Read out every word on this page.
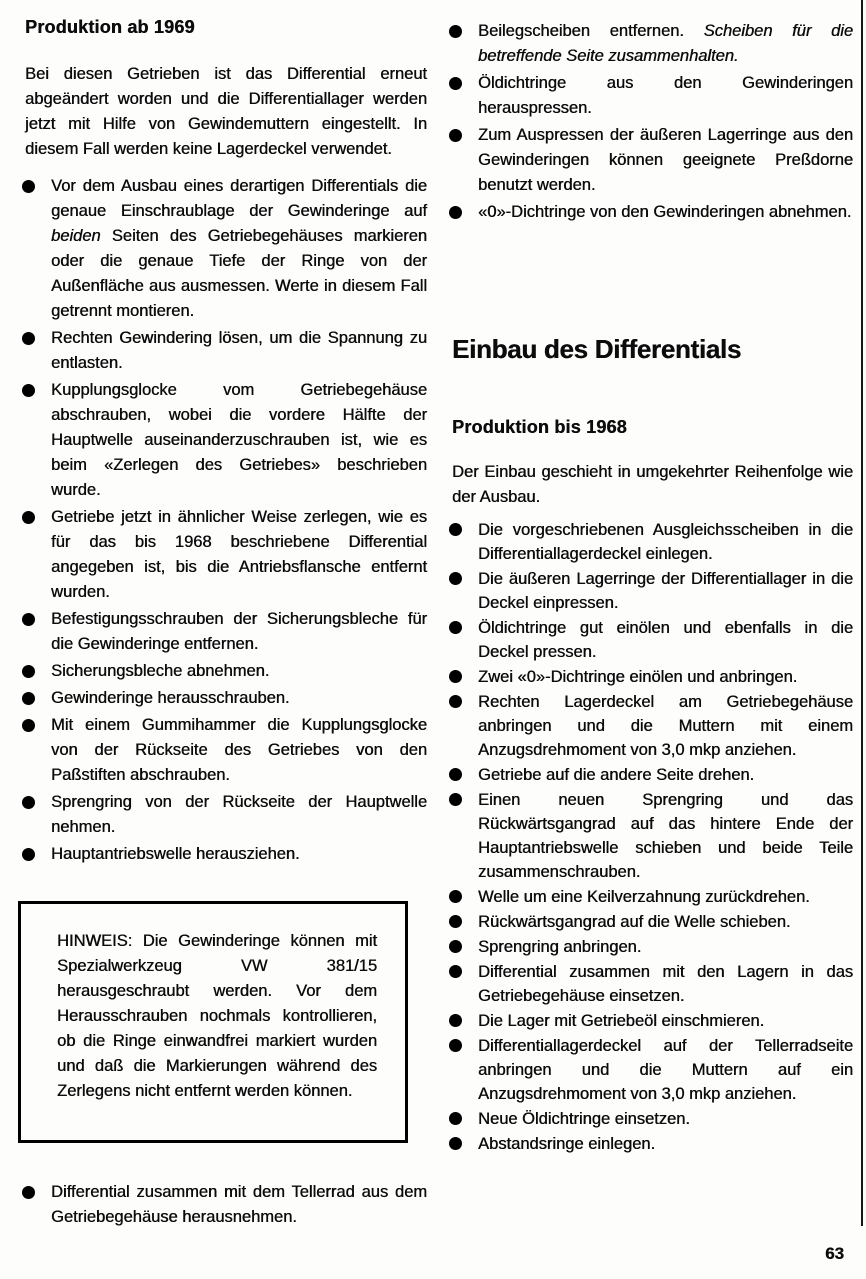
Produktion ab 1969

Bei diesen Getrieben ist das Differential erneut abgeändert worden und die Differentiallager werden jetzt mit Hilfe von Gewindemuttern eingestellt. In diesem Fall werden keine Lagerdeckel verwendet.

Vor dem Ausbau eines derartigen Differentials die genaue Einschraublage der Gewinderinge auf beiden Seiten des Getriebegehäuses markieren oder die genaue Tiefe der Ringe von der Außenfläche aus ausmessen. Werte in diesem Fall getrennt montieren.
Rechten Gewindering lösen, um die Spannung zu entlasten.
Kupplungsglocke vom Getriebegehäuse abschrauben, wobei die vordere Hälfte der Hauptwelle auseinanderzuschrauben ist, wie es beim «Zerlegen des Getriebes» beschrieben wurde.
Getriebe jetzt in ähnlicher Weise zerlegen, wie es für das bis 1968 beschriebene Differential angegeben ist, bis die Antriebsflansche entfernt wurden.
Befestigungsschrauben der Sicherungsbleche für die Gewinderinge entfernen.
Sicherungsbleche abnehmen.
Gewinderinge herausschrauben.
Mit einem Gummihammer die Kupplungsglocke von der Rückseite des Getriebes von den Paßstiften abschrauben.
Sprengring von der Rückseite der Hauptwelle nehmen.
Hauptantriebswelle herausziehen.

HINWEIS: Die Gewinderinge können mit Spezialwerkzeug VW 381/15 herausgeschraubt werden. Vor dem Herausschrauben nochmals kontrollieren, ob die Ringe einwandfrei markiert wurden und daß die Markierungen während des Zerlegens nicht entfernt werden können.

Differential zusammen mit dem Tellerrad aus dem Getriebegehäuse herausnehmen.
Beilegscheiben entfernen. Scheiben für die betreffende Seite zusammenhalten.
Öldichtringe aus den Gewinderingen herauspressen.
Zum Auspressen der äußeren Lagerringe aus den Gewinderingen können geeignete Preßdorne benutzt werden.
«0»-Dichtringe von den Gewinderingen abnehmen.
Einbau des Differentials
Produktion bis 1968

Der Einbau geschieht in umgekehrter Reihenfolge wie der Ausbau.

Die vorgeschriebenen Ausgleichsscheiben in die Differentiallagerdeckel einlegen.
Die äußeren Lagerringe der Differentiallager in die Deckel einpressen.
Öldichtringe gut einölen und ebenfalls in die Deckel pressen.
Zwei «0»-Dichtringe einölen und anbringen.
Rechten Lagerdeckel am Getriebegehäuse anbringen und die Muttern mit einem Anzugsdrehmoment von 3,0 mkp anziehen.
Getriebe auf die andere Seite drehen.
Einen neuen Sprengring und das Rückwärtsgangrad auf das hintere Ende der Hauptantriebswelle schieben und beide Teile zusammenschrauben.
Welle um eine Keilverzahnung zurückdrehen.
Rückwärtsgangrad auf die Welle schieben.
Sprengring anbringen.
Differential zusammen mit den Lagern in das Getriebegehäuse einsetzen.
Die Lager mit Getriebeöl einschmieren.
Differentiallagerdeckel auf der Tellerradseite anbringen und die Muttern auf ein Anzugsdrehmoment von 3,0 mkp anziehen.
Neue Öldichtringe einsetzen.
Abstandsringe einlegen.
63
